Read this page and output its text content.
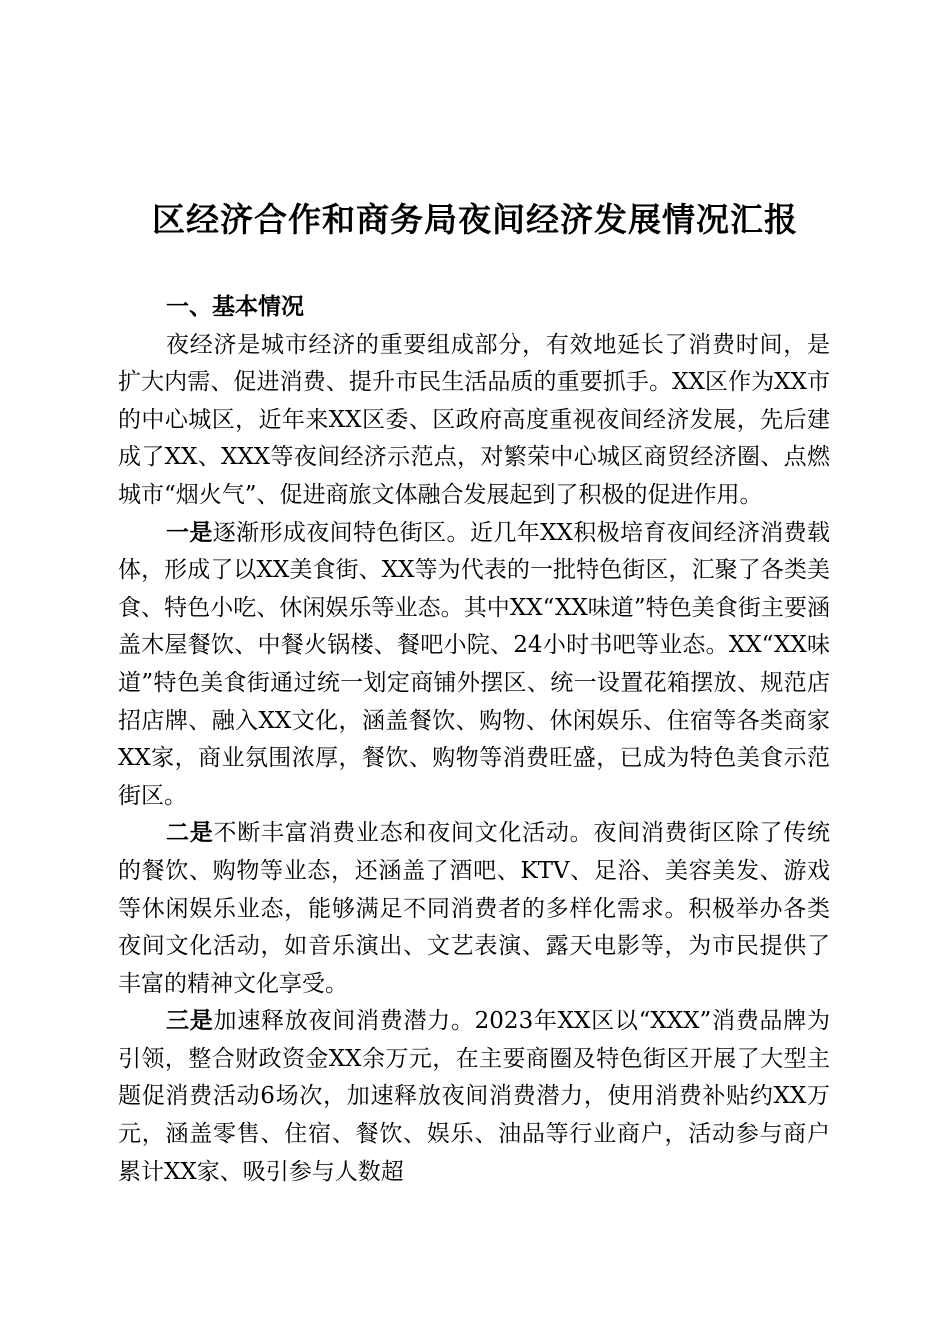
区经济合作和商务局夜间经济发展情况汇报

一、基本情况

夜经济是城市经济的重要组成部分，有效地延长了消费时间，是扩大内需、促进消费、提升市民生活品质的重要抓手。XX区作为XX市的中心城区，近年来XX区委、区政府高度重视夜间经济发展，先后建成了XX、XXX等夜间经济示范点，对繁荣中心城区商贸经济圈、点燃城市“烟火气”、促进商旅文体融合发展起到了积极的促进作用。

一是逐渐形成夜间特色街区。近几年XX积极培育夜间经济消费载体，形成了以XX美食街、XX等为代表的一批特色街区，汇聚了各类美食、特色小吃、休闲娱乐等业态。其中XX“XX味道”特色美食街主要涵盖木屋餐饮、中餐火锅楼、餐吧小院、24小时书吧等业态。XX“XX味道”特色美食街通过统一划定商铺外摆区、统一设置花箱摆放、规范店招店牌、融入XX文化，涵盖餐饮、购物、休闲娱乐、住宿等各类商家XX家，商业氛围浓厚，餐饮、购物等消费旺盛，已成为特色美食示范街区。

二是不断丰富消费业态和夜间文化活动。夜间消费街区除了传统的餐饮、购物等业态，还涵盖了酒吧、KTV、足浴、美容美发、游戏等休闲娱乐业态，能够满足不同消费者的多样化需求。积极举办各类夜间文化活动，如音乐演出、文艺表演、露天电影等，为市民提供了丰富的精神文化享受。

三是加速释放夜间消费潜力。2023年XX区以“XXX”消费品牌为引领，整合财政资金XX余万元，在主要商圈及特色街区开展了大型主题促消费活动6场次，加速释放夜间消费潜力，使用消费补贴约XX万元，涵盖零售、住宿、餐饮、娱乐、油品等行业商户，活动参与商户累计XX家、吸引参与人数超
